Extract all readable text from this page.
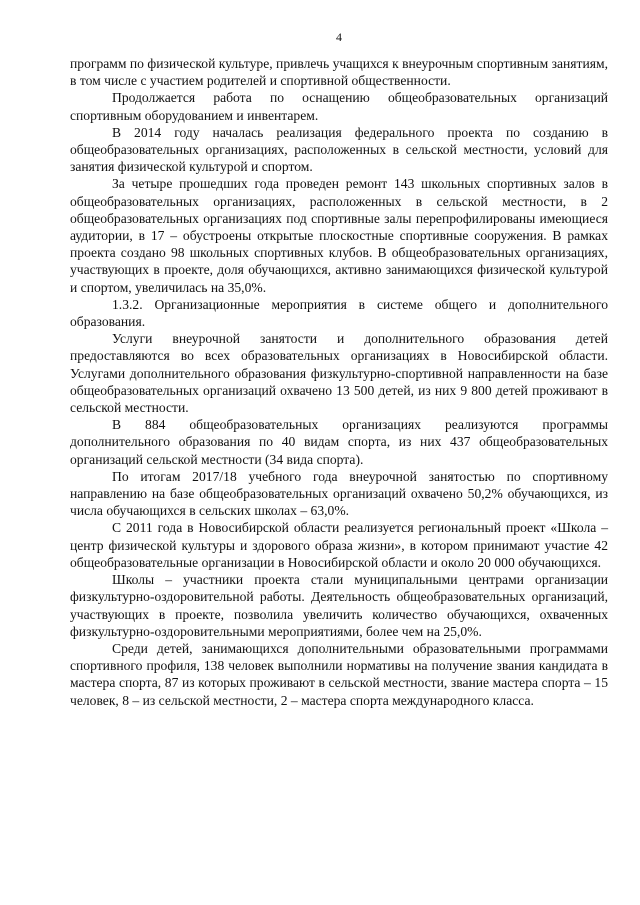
4

программ по физической культуре, привлечь учащихся к внеурочным спортивным занятиям, в том числе с участием родителей и спортивной общественности.

Продолжается работа по оснащению общеобразовательных организаций спортивным оборудованием и инвентарем.

В 2014 году началась реализация федерального проекта по созданию в общеобразовательных организациях, расположенных в сельской местности, условий для занятия физической культурой и спортом.

За четыре прошедших года проведен ремонт 143 школьных спортивных залов в общеобразовательных организациях, расположенных в сельской местности, в 2 общеобразовательных организациях под спортивные залы перепрофилированы имеющиеся аудитории, в 17 – обустроены открытые плоскостные спортивные сооружения. В рамках проекта создано 98 школьных спортивных клубов. В общеобразовательных организациях, участвующих в проекте, доля обучающихся, активно занимающихся физической культурой и спортом, увеличилась на 35,0%.

1.3.2. Организационные мероприятия в системе общего и дополнительного образования.

Услуги внеурочной занятости и дополнительного образования детей предоставляются во всех образовательных организациях в Новосибирской области. Услугами дополнительного образования физкультурно-спортивной направленности на базе общеобразовательных организаций охвачено 13 500 детей, из них 9 800 детей проживают в сельской местности.

В 884 общеобразовательных организациях реализуются программы дополнительного образования по 40 видам спорта, из них 437 общеобразовательных организаций сельской местности (34 вида спорта).

По итогам 2017/18 учебного года внеурочной занятостью по спортивному направлению на базе общеобразовательных организаций охвачено 50,2% обучающихся, из числа обучающихся в сельских школах – 63,0%.

С 2011 года в Новосибирской области реализуется региональный проект «Школа – центр физической культуры и здорового образа жизни», в котором принимают участие 42 общеобразовательные организации в Новосибирской области и около 20 000 обучающихся.

Школы – участники проекта стали муниципальными центрами организации физкультурно-оздоровительной работы. Деятельность общеобразовательных организаций, участвующих в проекте, позволила увеличить количество обучающихся, охваченных физкультурно-оздоровительными мероприятиями, более чем на 25,0%.

Среди детей, занимающихся дополнительными образовательными программами спортивного профиля, 138 человек выполнили нормативы на получение звания кандидата в мастера спорта, 87 из которых проживают в сельской местности, звание мастера спорта – 15 человек, 8 – из сельской местности, 2 – мастера спорта международного класса.
